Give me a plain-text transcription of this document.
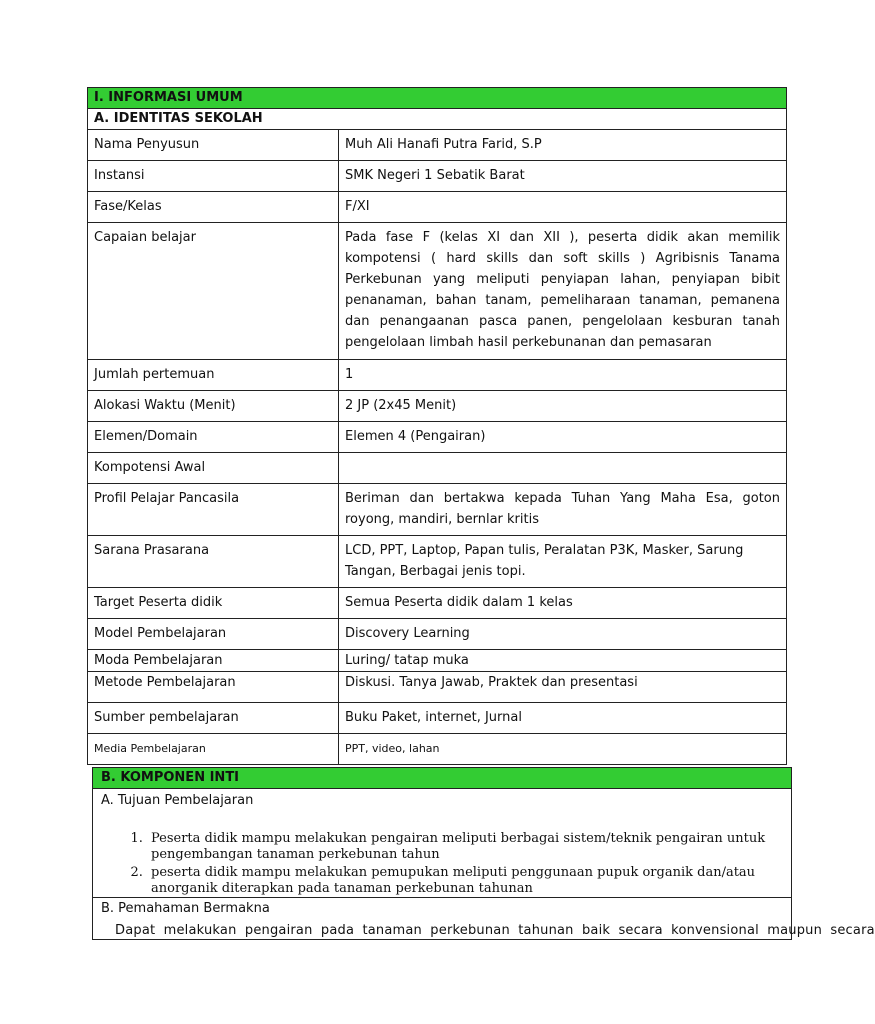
I. INFORMASI UMUM	
A. IDENTITAS SEKOLAH	
Nama Penyusun	Muh Ali Hanafi Putra Farid, S.P
Instansi	SMK Negeri 1 Sebatik Barat
Fase/Kelas	F/XI
Capaian belajar	Pada fase F (kelas XI dan XII ), peserta didik akan memilik kompotensi ( hard skills dan soft skills ) Agribisnis Tanama Perkebunan yang meliputi penyiapan lahan, penyiapan bibit penanaman, bahan tanam, pemeliharaan tanaman, pemanena dan penangaanan pasca panen, pengelolaan kesburan tanah pengelolaan limbah hasil perkebunanan dan pemasaran
Jumlah pertemuan	1
Alokasi Waktu (Menit)	2 JP (2x45 Menit)
Elemen/Domain	Elemen 4 (Pengairan)
Kompotensi Awal	
Profil Pelajar Pancasila	Beriman dan bertakwa kepada Tuhan Yang Maha Esa, goton royong, mandiri, bernlar kritis
Sarana Prasarana	LCD, PPT, Laptop, Papan tulis, Peralatan P3K, Masker, Sarung Tangan, Berbagai jenis topi.
Target Peserta didik	Semua Peserta didik dalam 1 kelas
Model Pembelajaran	Discovery Learning
Moda Pembelajaran	Luring/ tatap muka
Metode Pembelajaran	Diskusi. Tanya Jawab, Praktek dan presentasi
Sumber pembelajaran	Buku Paket, internet, Jurnal
Media Pembelajaran	PPT, video, lahan
B. KOMPONEN INTI
A. Tujuan Pembelajaran
1. Peserta didik mampu melakukan pengairan meliputi berbagai sistem/teknik pengairan untuk pengembangan tanaman perkebunan tahun
2. peserta didik mampu melakukan pemupukan meliputi penggunaan pupuk organik dan/atau anorganik diterapkan pada tanaman perkebunan tahunan
B. Pemahaman Bermakna
Dapat melakukan pengairan pada tanaman perkebunan tahunan baik secara konvensional maupun secara
